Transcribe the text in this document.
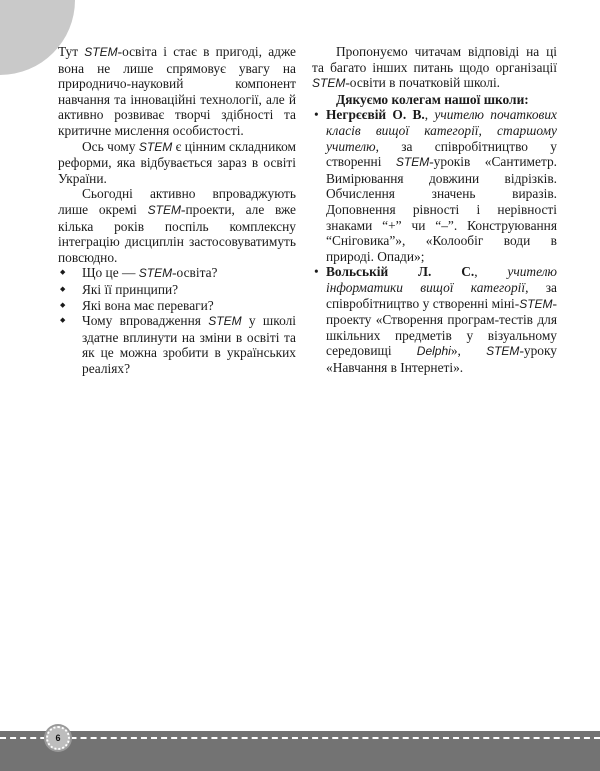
Тут STEM-освіта і стає в пригоді, адже вона не лише спрямовує увагу на природничо-науковий компонент навчання та інноваційні технології, але й активно розвиває творчі здібності та критичне мислення особистості.

Ось чому STEM є цінним складником реформи, яка відбувається зараз в освіті України.

Сьогодні активно впроваджують лише окремі STEM-проекти, але вже кілька років поспіль комплексну інтеграцію дисциплін застосовуватимуть повсюдно.

◆ Що це — STEM-освіта?
◆ Які її принципи?
◆ Які вона має переваги?
◆ Чому впровадження STEM у школі здатне вплинути на зміни в освіті та як це можна зробити в українських реаліях?

Пропонуємо читачам відповіді на ці та багато інших питань щодо організації STEM-освіти в початковій школі.

Дякуємо колегам нашої школи:

• Негрєєвій О. В., учителю початкових класів вищої категорії, старшому учителю, за співробітництво у створенні STEM-уроків «Сантиметр. Вимірювання довжини відрізків. Обчислення значень виразів. Доповнення рівності і нерівності знаками “+” чи “–”. Конструювання “Сніговика”», «Колообіг води в природі. Опади»;
• Вольській Л. С., учителю інформатики вищої категорії, за співробітництво у створенні міні-STEM-проекту «Створення програм-тестів для шкільних предметів у візуальному середовищі Delphi», STEM-уроку «Навчання в Інтернеті».
6
